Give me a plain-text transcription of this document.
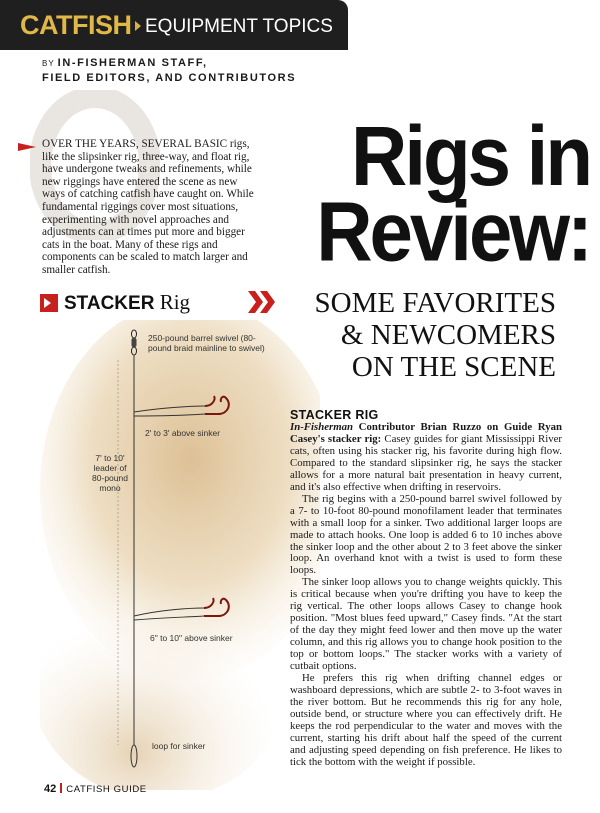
CATFISH EQUIPMENT TOPICS
BY IN-FISHERMAN STAFF,
FIELD EDITORS, AND CONTRIBUTORS
OVER THE YEARS, SEVERAL BASIC rigs, like the slipsinker rig, three-way, and float rig, have undergone tweaks and refinements, while new riggings have entered the scene as new ways of catching catfish have caught on. While fundamental riggings cover most situations, experimenting with novel approaches and adjustments can at times put more and bigger cats in the boat. Many of these rigs and components can be scaled to match larger and smaller catfish.
Rigs in
Review:
SOME FAVORITES
& NEWCOMERS
ON THE SCENE
STACKER Rig
250-pound barrel swivel (80-pound braid mainline to swivel)
2' to 3' above sinker
7' to 10'
leader of
80-pound
mono
6" to 10" above sinker
loop for sinker
STACKER RIG

In-Fisherman Contributor Brian Ruzzo on Guide Ryan Casey's stacker rig: Casey guides for giant Mississippi River cats, often using his stacker rig, his favorite during high flow. Compared to the standard slipsinker rig, he says the stacker allows for a more natural bait presentation in heavy current, and it's also effective when drifting in reservoirs.

The rig begins with a 250-pound barrel swivel followed by a 7- to 10-foot 80-pound monofilament leader that terminates with a small loop for a sinker. Two additional larger loops are made to attach hooks. One loop is added 6 to 10 inches above the sinker loop and the other about 2 to 3 feet above the sinker loop. An overhand knot with a twist is used to form these loops.

The sinker loop allows you to change weights quickly. This is critical because when you're drifting you have to keep the rig vertical. The other loops allows Casey to change hook position. "Most blues feed upward," Casey finds. "At the start of the day they might feed lower and then move up the water column, and this rig allows you to change hook position to the top or bottom loops." The stacker works with a variety of cutbait options.

He prefers this rig when drifting channel edges or washboard depressions, which are subtle 2- to 3-foot waves in the river bottom. But he recommends this rig for any hole, outside bend, or structure where you can effectively drift. He keeps the rod perpendicular to the water and moves with the current, starting his drift about half the speed of the current and adjusting speed depending on fish preference. He likes to tick the bottom with the weight if possible.

42 CATFISH GUIDE
